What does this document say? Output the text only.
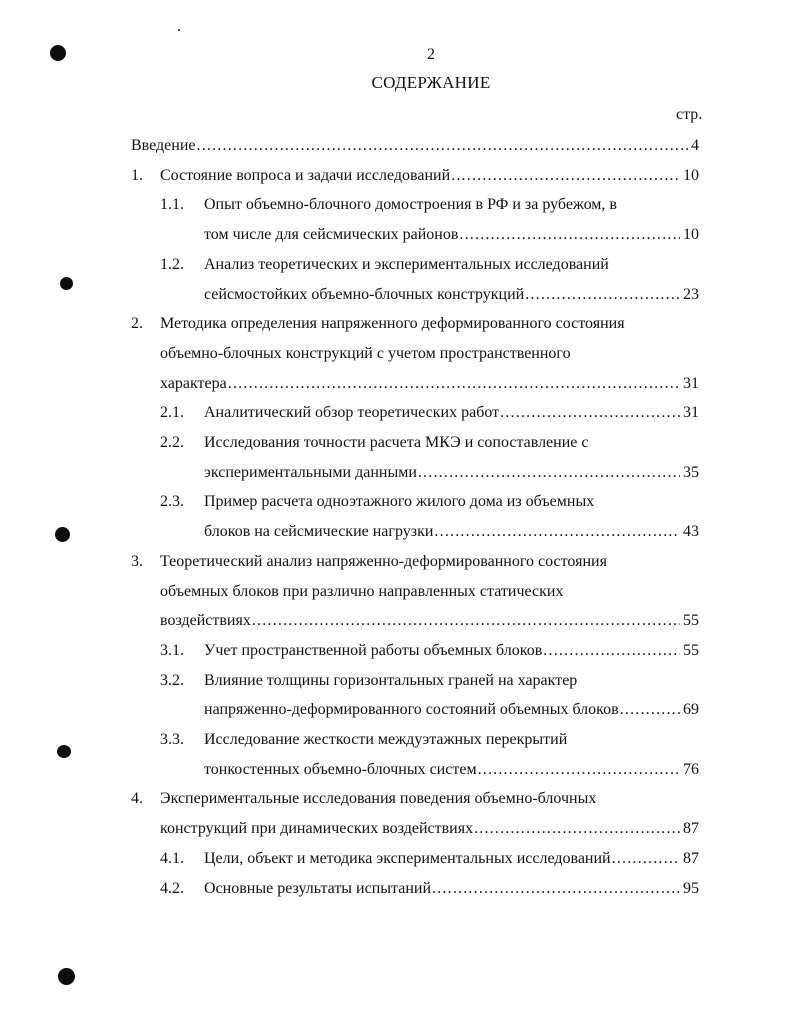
2
СОДЕРЖАНИЕ
стр.
Введение .....	4
1. Состояние вопроса и задачи исследований .....	10
1.1. Опыт объемно-блочного домостроения в РФ и за рубежом, в
том числе для сейсмических районов .....	10
1.2. Анализ теоретических и экспериментальных исследований
сейсмостойких объемно-блочных конструкций .....	23
2. Методика определения напряженного деформированного состояния
объемно-блочных конструкций с учетом пространственного
характера .....	31
2.1. Аналитический обзор теоретических работ .....	31
2.2. Исследования точности расчета МКЭ и сопоставление с
экспериментальными данными .....	35
2.3. Пример расчета одноэтажного жилого дома из объемных
блоков на сейсмические нагрузки .....	43
3. Теоретический анализ напряженно-деформированного состояния
объемных блоков при различно направленных статических
воздействиях .....	55
3.1. Учет пространственной работы объемных блоков .....	55
3.2. Влияние толщины горизонтальных граней на характер
напряженно-деформированного состояний объемных блоков .....	69
3.3. Исследование жесткости междуэтажных перекрытий
тонкостенных объемно-блочных систем .....	76
4. Экспериментальные исследования поведения объемно-блочных
конструкций при динамических воздействиях .....	87
4.1. Цели, объект и методика экспериментальных исследований .....	87
4.2. Основные результаты испытаний .....	95
